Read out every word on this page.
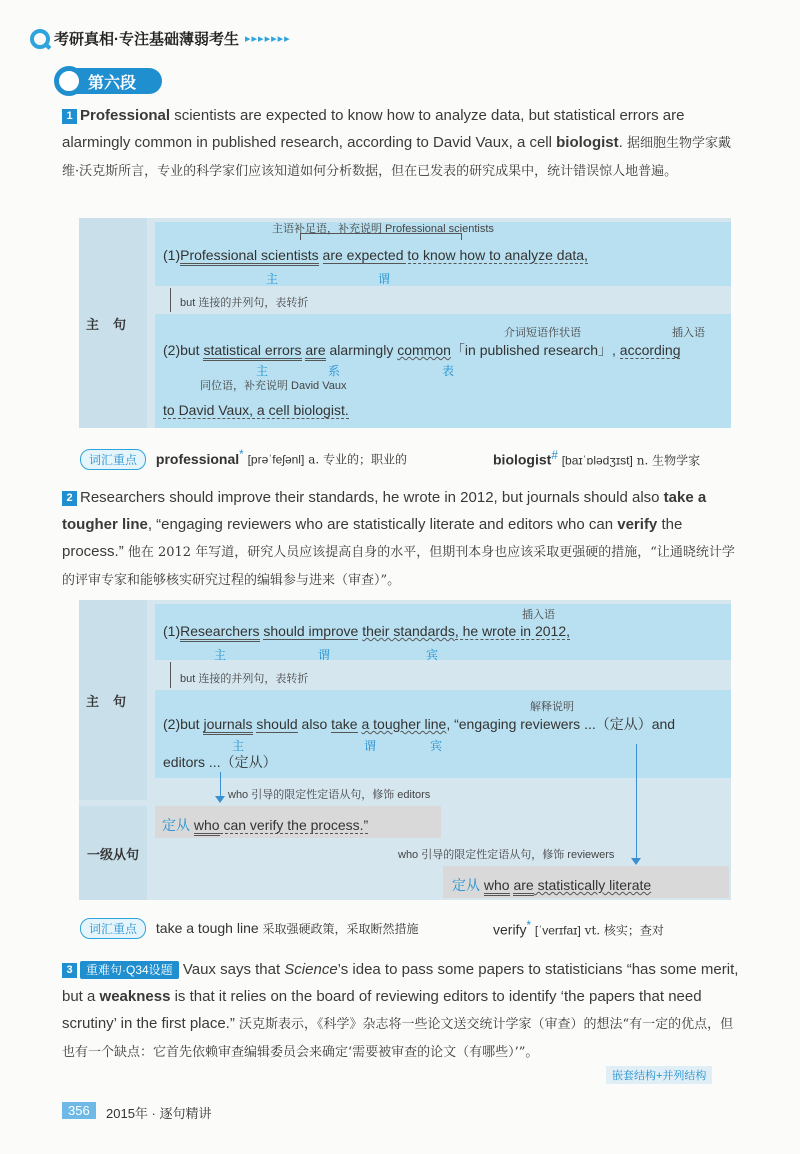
考研真相·专注基础薄弱考生 ▸▸▸▸▸▸▸
第六段
1 Professional scientists are expected to know how to analyze data, but statistical errors are alarmingly common in published research, according to David Vaux, a cell biologist. 据细胞生物学家戴维·沃克斯所言，专业的科学家们应该知道如何分析数据，但在已发表的研究成果中，统计错误惊人地普遍。
主句
主语补足语，补充说明 Professional scientists
(1)Professional scientists are expected to know how to analyze data,
主	谓
but 连接的并列句，表转折
介词短语作状语	插入语
(2)but statistical errors are alarmingly common「in published research」, according
主	系	表
同位语，补充说明 David Vaux
to David Vaux, a cell biologist.
词汇重点 professional* [prəˈfeʃənl] a. 专业的；职业的	biologist# [baɪˈɒlədʒɪst] n. 生物学家
2 Researchers should improve their standards, he wrote in 2012, but journals should also take a tougher line, “engaging reviewers who are statistically literate and editors who can verify the process.” 他在 2012 年写道，研究人员应该提高自身的水平，但期刊本身也应该采取更强硬的措施，“让通晓统计学的评审专家和能够核实研究过程的编辑参与进来（审查）”。
主句
插入语
(1)Researchers should improve their standards, he wrote in 2012,
主	谓	宾
but 连接的并列句，表转折
解释说明
(2)but journals should also take a tougher line, “engaging reviewers ...（定从）and
主	谓	宾
editors ...（定从）
一级从句
who 引导的限定性定语从句，修饰 editors
定从 who can verify the process.”
who 引导的限定性定语从句，修饰 reviewers
定从 who are statistically literate
词汇重点 take a tough line 采取强硬政策，采取断然措施	verify* [ˈverɪfaɪ] vt. 核实；查对
3 重难句·Q34设题 Vaux says that Science’s idea to pass some papers to statisticians “has some merit, but a weakness is that it relies on the board of reviewing editors to identify ‘the papers that need scrutiny’ in the first place.” 沃克斯表示，《科学》杂志将一些论文送交统计学家（审查）的想法“有一定的优点，但也有一个缺点：它首先依赖审查编辑委员会来确定‘需要被审查的论文（有哪些）’”。
嵌套结构+并列结构
356	2015年 · 逐句精讲
